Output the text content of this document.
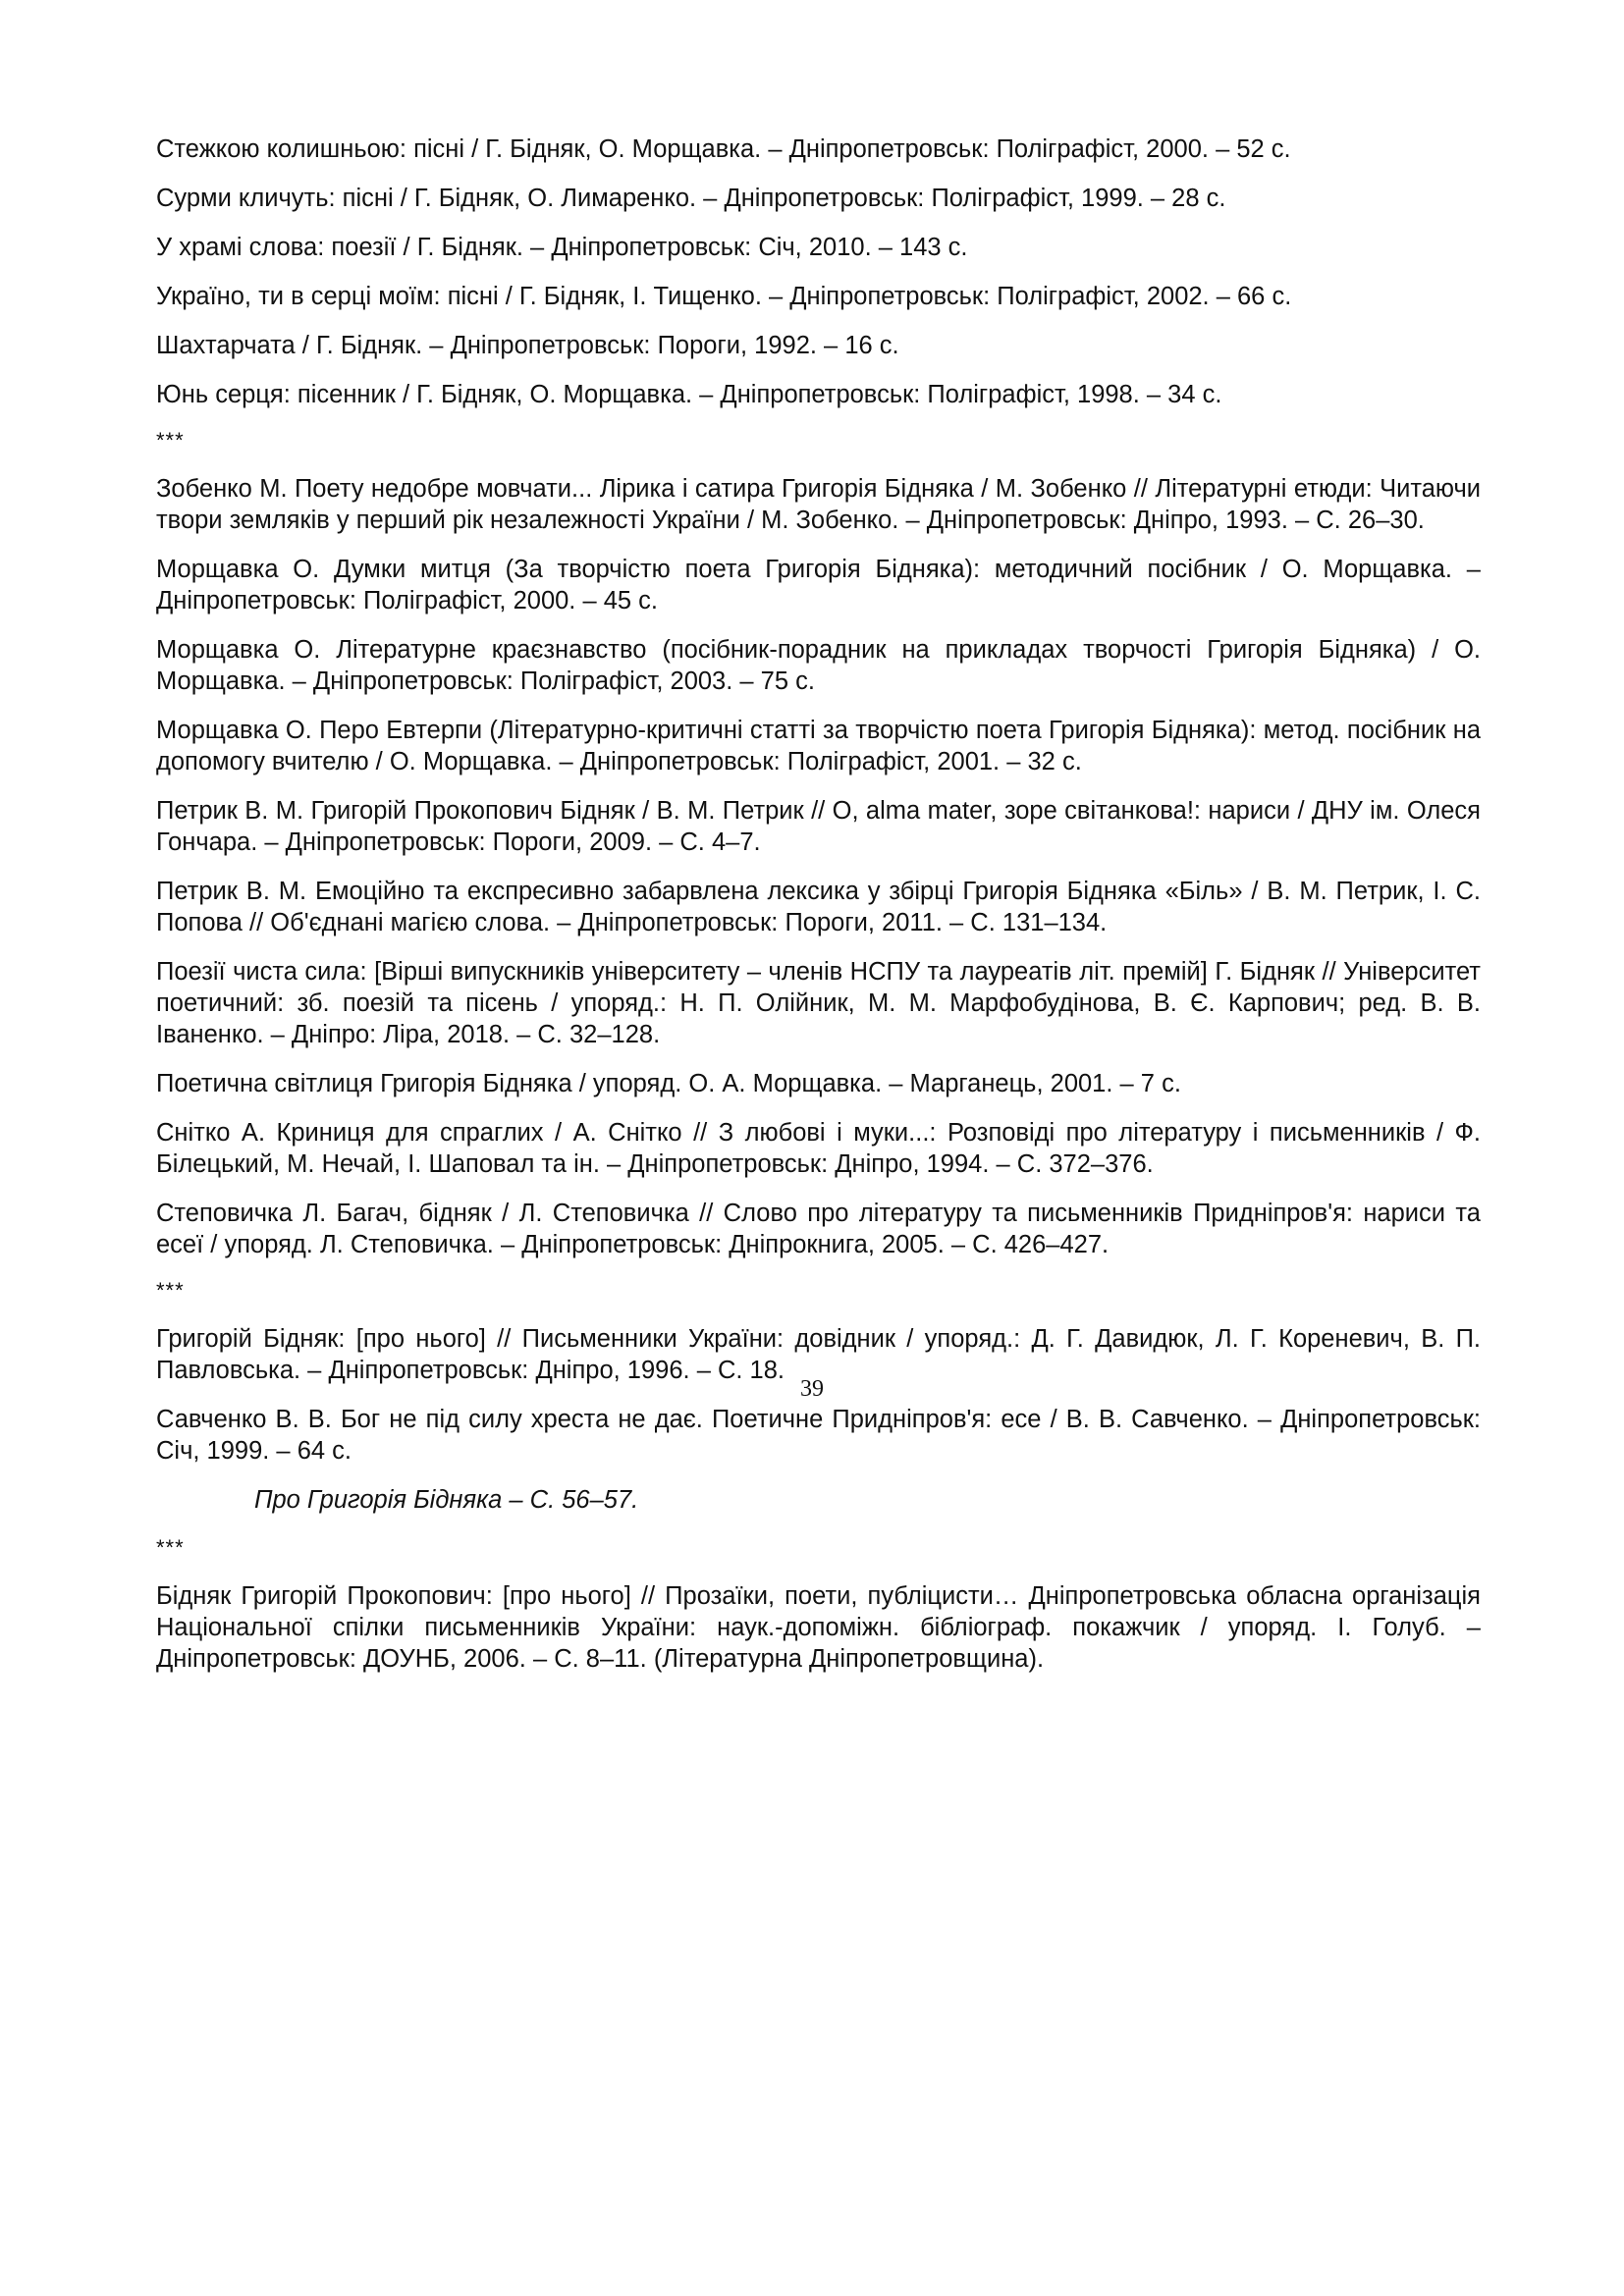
Стежкою колишньою: пісні / Г. Бідняк, О. Морщавка. – Дніпропетровськ: Поліграфіст, 2000. – 52 с.

Сурми кличуть: пісні / Г. Бідняк, О. Лимаренко. – Дніпропетровськ: Поліграфіст, 1999. – 28 с.

У храмі слова: поезії / Г. Бідняк. – Дніпропетровськ: Січ, 2010. – 143 с.

Україно, ти в серці моїм: пісні / Г. Бідняк, І. Тищенко. – Дніпропетровськ: Поліграфіст, 2002. – 66 с.

Шахтарчата / Г. Бідняк. – Дніпропетровськ: Пороги, 1992. – 16 с.

Юнь серця: пісенник / Г. Бідняк, О. Морщавка. – Дніпропетровськ: Поліграфіст, 1998. – 34 с.

***

Зобенко М. Поету недобре мовчати... Лірика і сатира Григорія Бідняка / М. Зобенко // Літературні етюди: Читаючи твори земляків у перший рік незалежності України / М. Зобенко. – Дніпропетровськ: Дніпро, 1993. – С. 26–30.

Морщавка О. Думки митця (За творчістю поета Григорія Бідняка): методичний посібник / О. Морщавка. – Дніпропетровськ: Поліграфіст, 2000. – 45 с.

Морщавка О. Літературне краєзнавство (посібник-порадник на прикладах творчості Григорія Бідняка) / О. Морщавка. – Дніпропетровськ: Поліграфіст, 2003. – 75 с.

Морщавка О. Перо Евтерпи (Літературно-критичні статті за творчістю поета Григорія Бідняка): метод. посібник на допомогу вчителю / О. Морщавка. – Дніпропетровськ: Поліграфіст, 2001. – 32 с.

Петрик В. М. Григорій Прокопович Бідняк / В. М. Петрик // О, alma mater, зоре світанкова!: нариси / ДНУ ім. Олеся Гончара. – Дніпропетровськ: Пороги, 2009. – С. 4–7.

Петрик В. М. Емоційно та експресивно забарвлена лексика у збірці Григорія Бідняка «Біль» / В. М. Петрик, І. С. Попова // Об'єднані магією слова. – Дніпропетровськ: Пороги, 2011. – С. 131–134.

Поезії чиста сила: [Вірші випускників університету – членів НСПУ та лауреатів літ. премій] Г. Бідняк // Університет поетичний: зб. поезій та пісень / упоряд.: Н. П. Олійник, М. М. Марфобудінова, В. Є. Карпович; ред. В. В. Іваненко. – Дніпро: Ліра, 2018. – С. 32–128.

Поетична світлиця Григорія Бідняка / упоряд. О. А. Морщавка. – Марганець, 2001. – 7 с.

Снітко А. Криниця для спраглих / А. Снітко // З любові і муки...: Розповіді про літературу і письменників / Ф. Білецький, М. Нечай, І. Шаповал та ін. – Дніпропетровськ: Дніпро, 1994. – С. 372–376.

Степовичка Л. Багач, бідняк / Л. Степовичка // Слово про літературу та письменників Придніпров'я: нариси та есеї / упоряд. Л. Степовичка. – Дніпропетровськ: Дніпрокнига, 2005. – С. 426–427.

***

Григорій Бідняк: [про нього] // Письменники України: довідник / упоряд.: Д. Г. Давидюк, Л. Г. Кореневич, В. П. Павловська. – Дніпропетровськ: Дніпро, 1996. – С. 18.

Савченко В. В. Бог не під силу хреста не дає. Поетичне Придніпров'я: есе / В. В. Савченко. – Дніпропетровськ: Січ, 1999. – 64 с.

Про Григорія Бідняка – С. 56–57.

***

Бідняк Григорій Прокопович: [про нього] // Прозаїки, поети, публіцисти… Дніпропетровська обласна організація Національної спілки письменників України: наук.-допоміжн. бібліограф. покажчик / упоряд. І. Голуб. – Дніпропетровськ: ДОУНБ, 2006. – С. 8–11. (Літературна Дніпропетровщина).

39
